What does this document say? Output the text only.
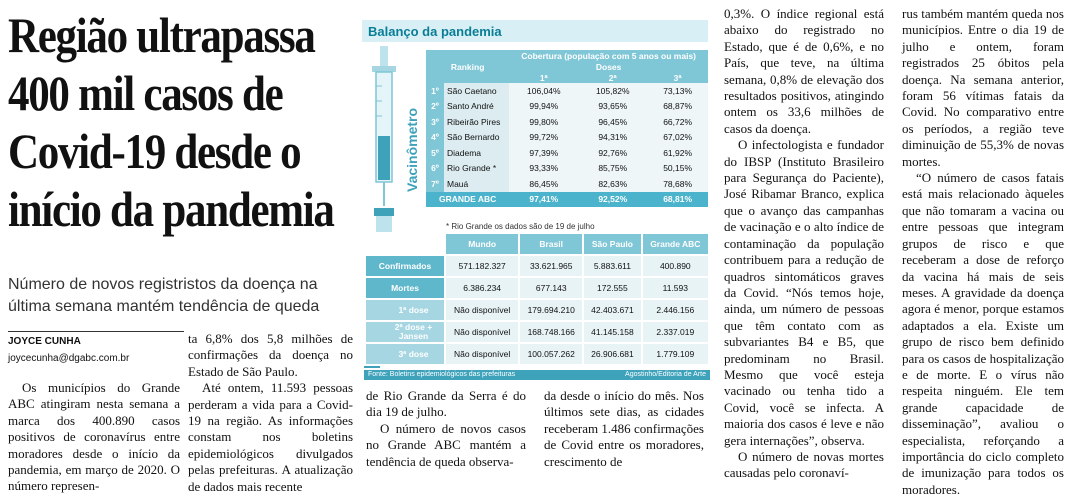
Região ultrapassa
400 mil casos de
Covid-19 desde o
início da pandemia
Número de novos registristos da doença na
última semana mantém tendência de queda
JOYCE CUNHA
joycecunha@dgabc.com.br

Os municípios do Grande ABC atingiram nesta semana a marca dos 400.890 casos positivos de coronavírus entre moradores desde o início da pandemia, em março de 2020. O número represen-

ta 6,8% dos 5,8 milhões de confirmações da doença no Estado de São Paulo.

Até ontem, 11.593 pessoas perderam a vida para a Covid-19 na região. As informações constam nos boletins epidemiológicos divulgados pelas prefeituras. A atualização de dados mais recente

Balanço da pandemia
Vacinômetro
Ranking		Cobertura (população com 5 anos ou mais)		
		Doses		
		1ª	2ª	3ª
1º	São Caetano	106,04%	105,82%	73,13%
2º	Santo André	99,94%	93,65%	68,87%
3º	Ribeirão Pires	99,80%	96,45%	66,72%
4º	São Bernardo	99,72%	94,31%	67,02%
5º	Diadema	97,39%	92,76%	61,92%
6º	Rio Grande *	93,33%	85,75%	50,15%
7º	Mauá	86,45%	82,63%	78,68%
GRANDE ABC		97,41%	92,52%	68,81%
* Rio Grande os dados são de 19 de julho
	Mundo	Brasil	São Paulo	Grande ABC
Confirmados	571.182.327	33.621.965	5.883.611	400.890
Mortes	6.386.234	677.143	172.555	11.593
1ª dose	Não disponível	179.694.210	42.403.671	2.446.156
2ª dose + Jansen	Não disponível	168.748.166	41.145.158	2.337.019
3ª dose	Não disponível	100.057.262	26.906.681	1.779.109
Fonte: Boletins epidemiológicos das prefeituras	Agostinho/Editoria de Arte

de Rio Grande da Serra é do dia 19 de julho.

O número de novos casos no Grande ABC mantém a tendência de queda observa-

da desde o início do mês. Nos últimos sete dias, as cidades receberam 1.486 confirmações de Covid entre os moradores, crescimento de

0,3%. O índice regional está abaixo do registrado no Estado, que é de 0,6%, e no País, que teve, na última semana, 0,8% de elevação dos resultados positivos, atingindo ontem os 33,6 milhões de casos da doença.

O infectologista e fundador do IBSP (Instituto Brasileiro para Segurança do Paciente), José Ribamar Branco, explica que o avanço das campanhas de vacinação e o alto índice de contaminação da população contribuem para a redução de quadros sintomáticos graves da Covid. “Nós temos hoje, ainda, um número de pessoas que têm contato com as subvariantes B4 e B5, que predominam no Brasil. Mesmo que você esteja vacinado ou tenha tido a Covid, você se infecta. A maioria dos casos é leve e não gera internações”, observa.

O número de novas mortes causadas pelo coronaví-

rus também mantém queda nos municípios. Entre o dia 19 de julho e ontem, foram registrados 25 óbitos pela doença. Na semana anterior, foram 56 vítimas fatais da Covid. No comparativo entre os períodos, a região teve diminuição de 55,3% de novas mortes.

“O número de casos fatais está mais relacionado àqueles que não tomaram a vacina ou entre pessoas que integram grupos de risco e que receberam a dose de reforço da vacina há mais de seis meses. A gravidade da doença agora é menor, porque estamos adaptados a ela. Existe um grupo de risco bem definido para os casos de hospitalização e de morte. E o vírus não respeita ninguém. Ele tem grande capacidade de disseminação”, avaliou o especialista, reforçando a importância do ciclo completo de imunização para todos os moradores.
